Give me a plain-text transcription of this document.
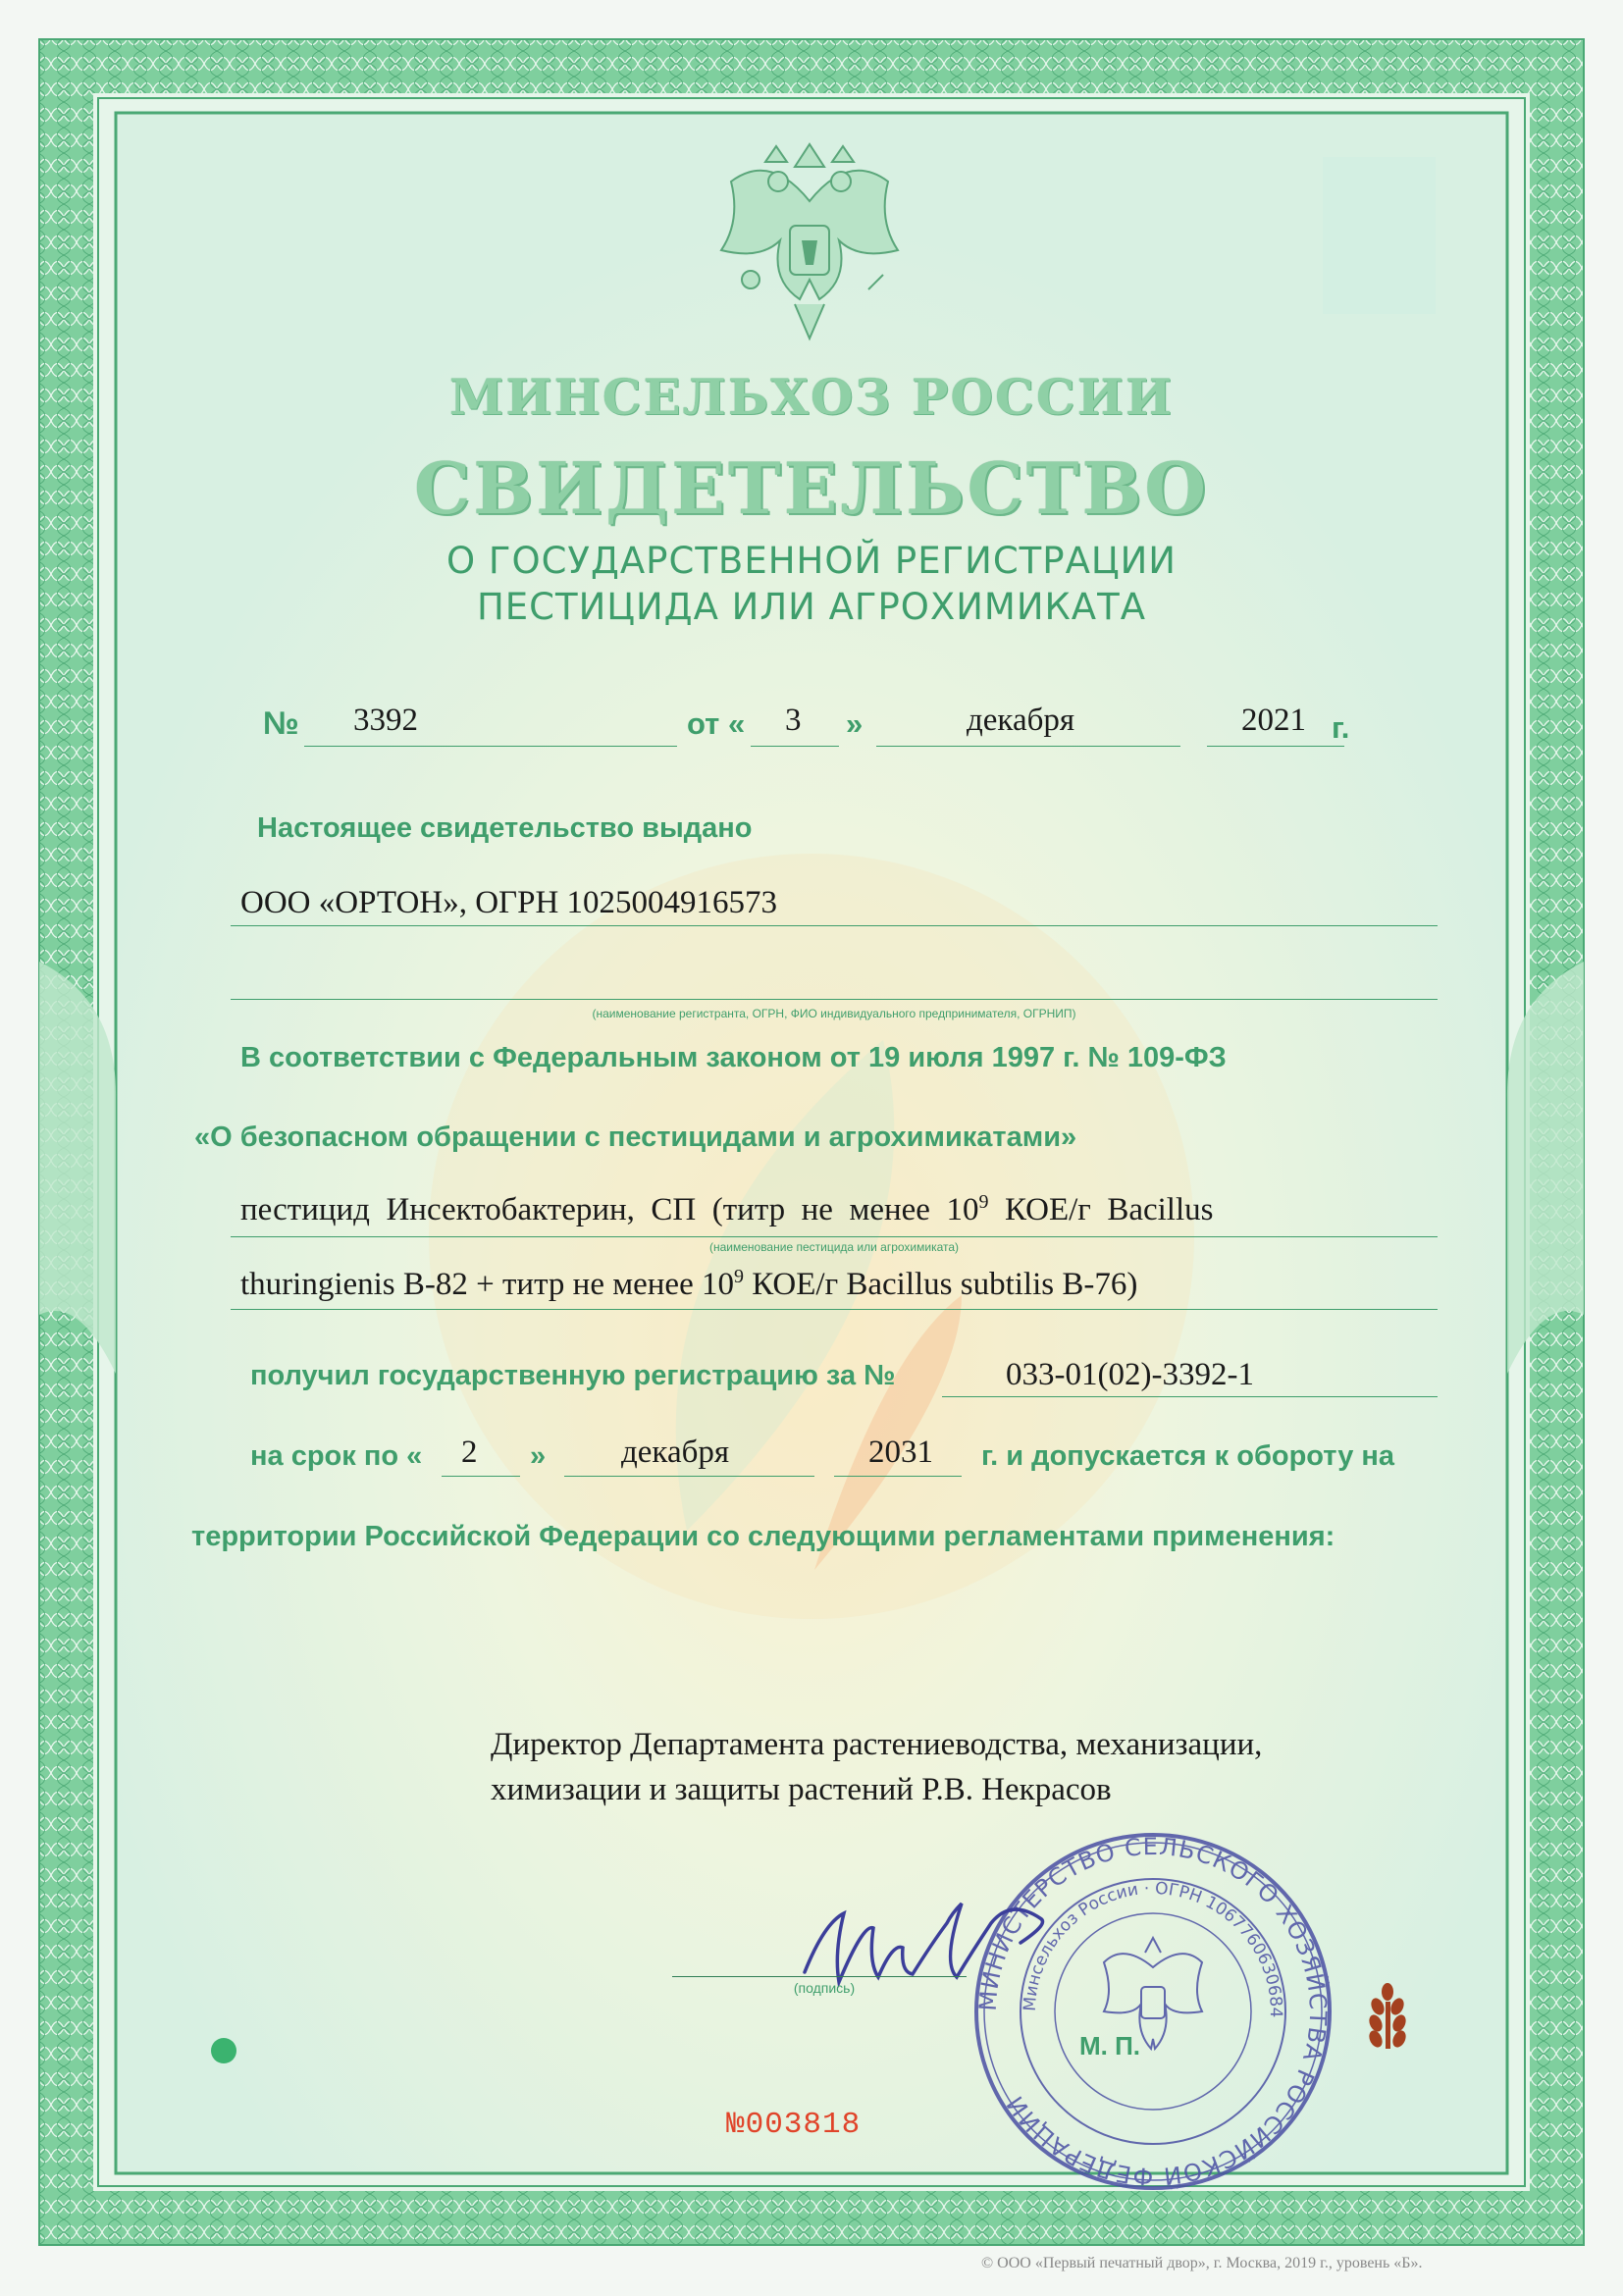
МИНСЕЛЬХОЗ РОССИИ
СВИДЕТЕЛЬСТВО
О ГОСУДАРСТВЕННОЙ РЕГИСТРАЦИИ
ПЕСТИЦИДА ИЛИ АГРОХИМИКАТА
№ 3392	от « 3 »	декабря	2021 г.
Настоящее свидетельство выдано
ООО «ОРТОН», ОГРН 1025004916573
(наименование регистранта, ОГРН, ФИО индивидуального предпринимателя, ОГРНИП)
В соответствии с Федеральным законом от 19 июля 1997 г. № 109-ФЗ
«О безопасном обращении с пестицидами и агрохимикатами»
пестицид  Инсектобактерин,  СП  (титр  не  менее  $10^9$  КОЕ/г  Bacillus
(наименование пестицида или агрохимиката)
thuringienis В-82 + титр не менее $10^9$ КОЕ/г Bacillus subtilis В-76)
получил государственную регистрацию за №	033-01(02)-3392-1
на срок по « 2 » декабря	2031 г. и допускается к обороту на
территории Российской Федерации со следующими регламентами применения:
Директор Департамента растениеводства, механизации,
химизации и защиты растений Р.В. Некрасов
МИНИСТЕРСТВО СЕЛЬСКОГО ХОЗЯЙСТВА РОССИЙСКОЙ ФЕДЕРАЦИИ
Минсельхоз России · ОГРН 1067760630684
(подпись)
М. П.
№003818
© ООО «Первый печатный двор», г. Москва, 2019 г., уровень «Б».
